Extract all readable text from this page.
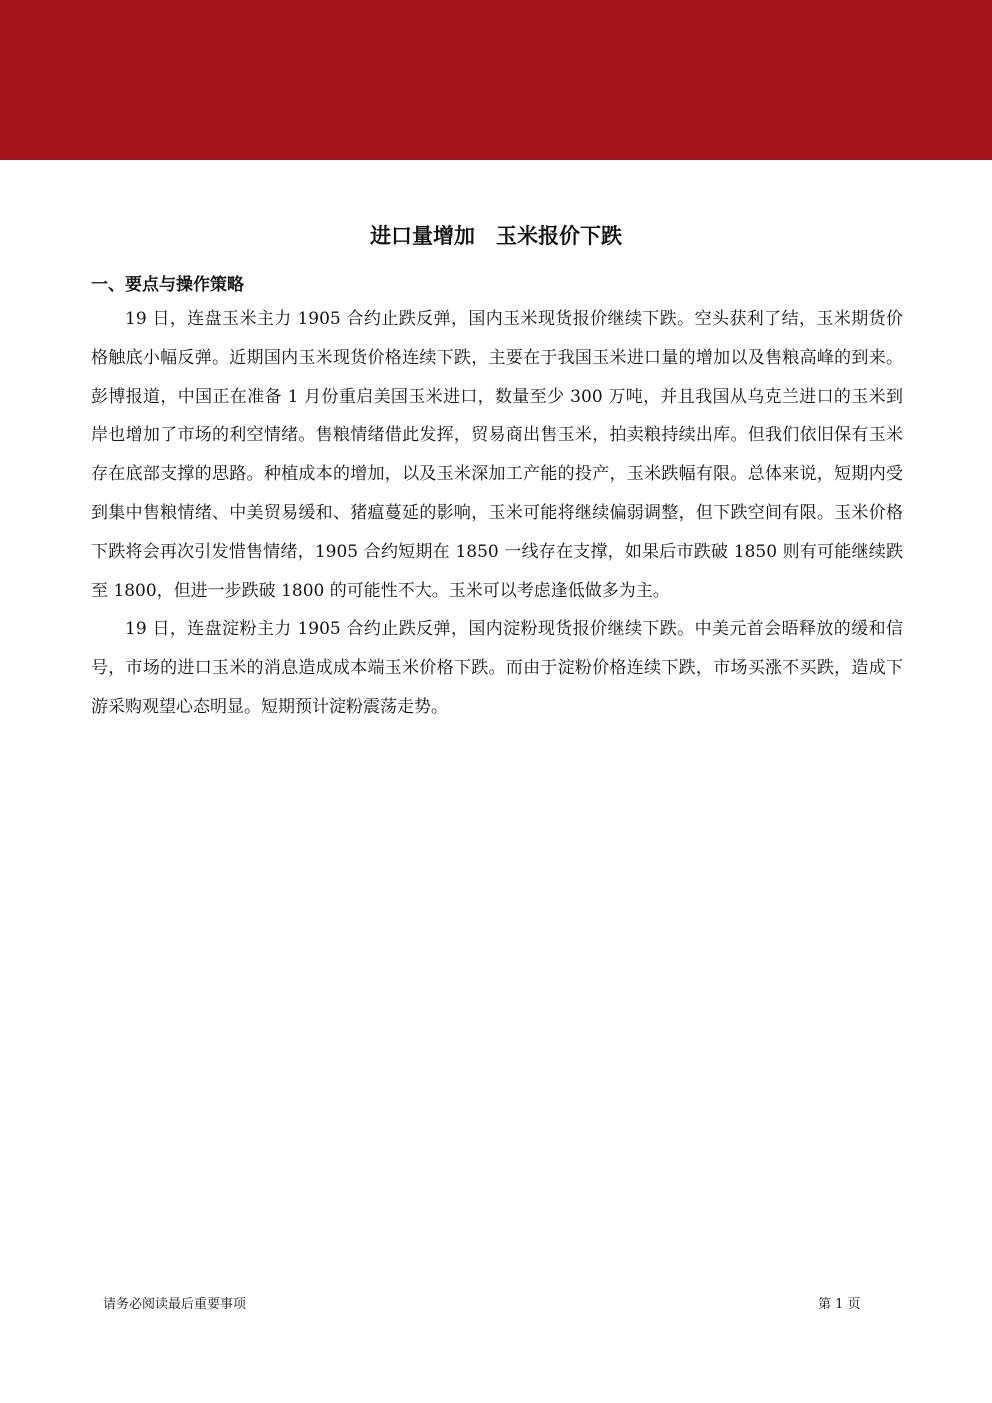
进口量增加　玉米报价下跌
一、要点与操作策略

19 日，连盘玉米主力 1905 合约止跌反弹，国内玉米现货报价继续下跌。空头获利了结，玉米期货价格触底小幅反弹。近期国内玉米现货价格连续下跌，主要在于我国玉米进口量的增加以及售粮高峰的到来。彭博报道，中国正在准备 1 月份重启美国玉米进口，数量至少 300 万吨，并且我国从乌克兰进口的玉米到岸也增加了市场的利空情绪。售粮情绪借此发挥，贸易商出售玉米，拍卖粮持续出库。但我们依旧保有玉米存在底部支撑的思路。种植成本的增加，以及玉米深加工产能的投产，玉米跌幅有限。总体来说，短期内受到集中售粮情绪、中美贸易缓和、猪瘟蔓延的影响，玉米可能将继续偏弱调整，但下跌空间有限。玉米价格下跌将会再次引发惜售情绪，1905 合约短期在 1850 一线存在支撑，如果后市跌破 1850 则有可能继续跌至 1800，但进一步跌破 1800 的可能性不大。玉米可以考虑逢低做多为主。

19 日，连盘淀粉主力 1905 合约止跌反弹，国内淀粉现货报价继续下跌。中美元首会晤释放的缓和信号，市场的进口玉米的消息造成成本端玉米价格下跌。而由于淀粉价格连续下跌，市场买涨不买跌，造成下游采购观望心态明显。短期预计淀粉震荡走势。

请务必阅读最后重要事项	第 1 页
